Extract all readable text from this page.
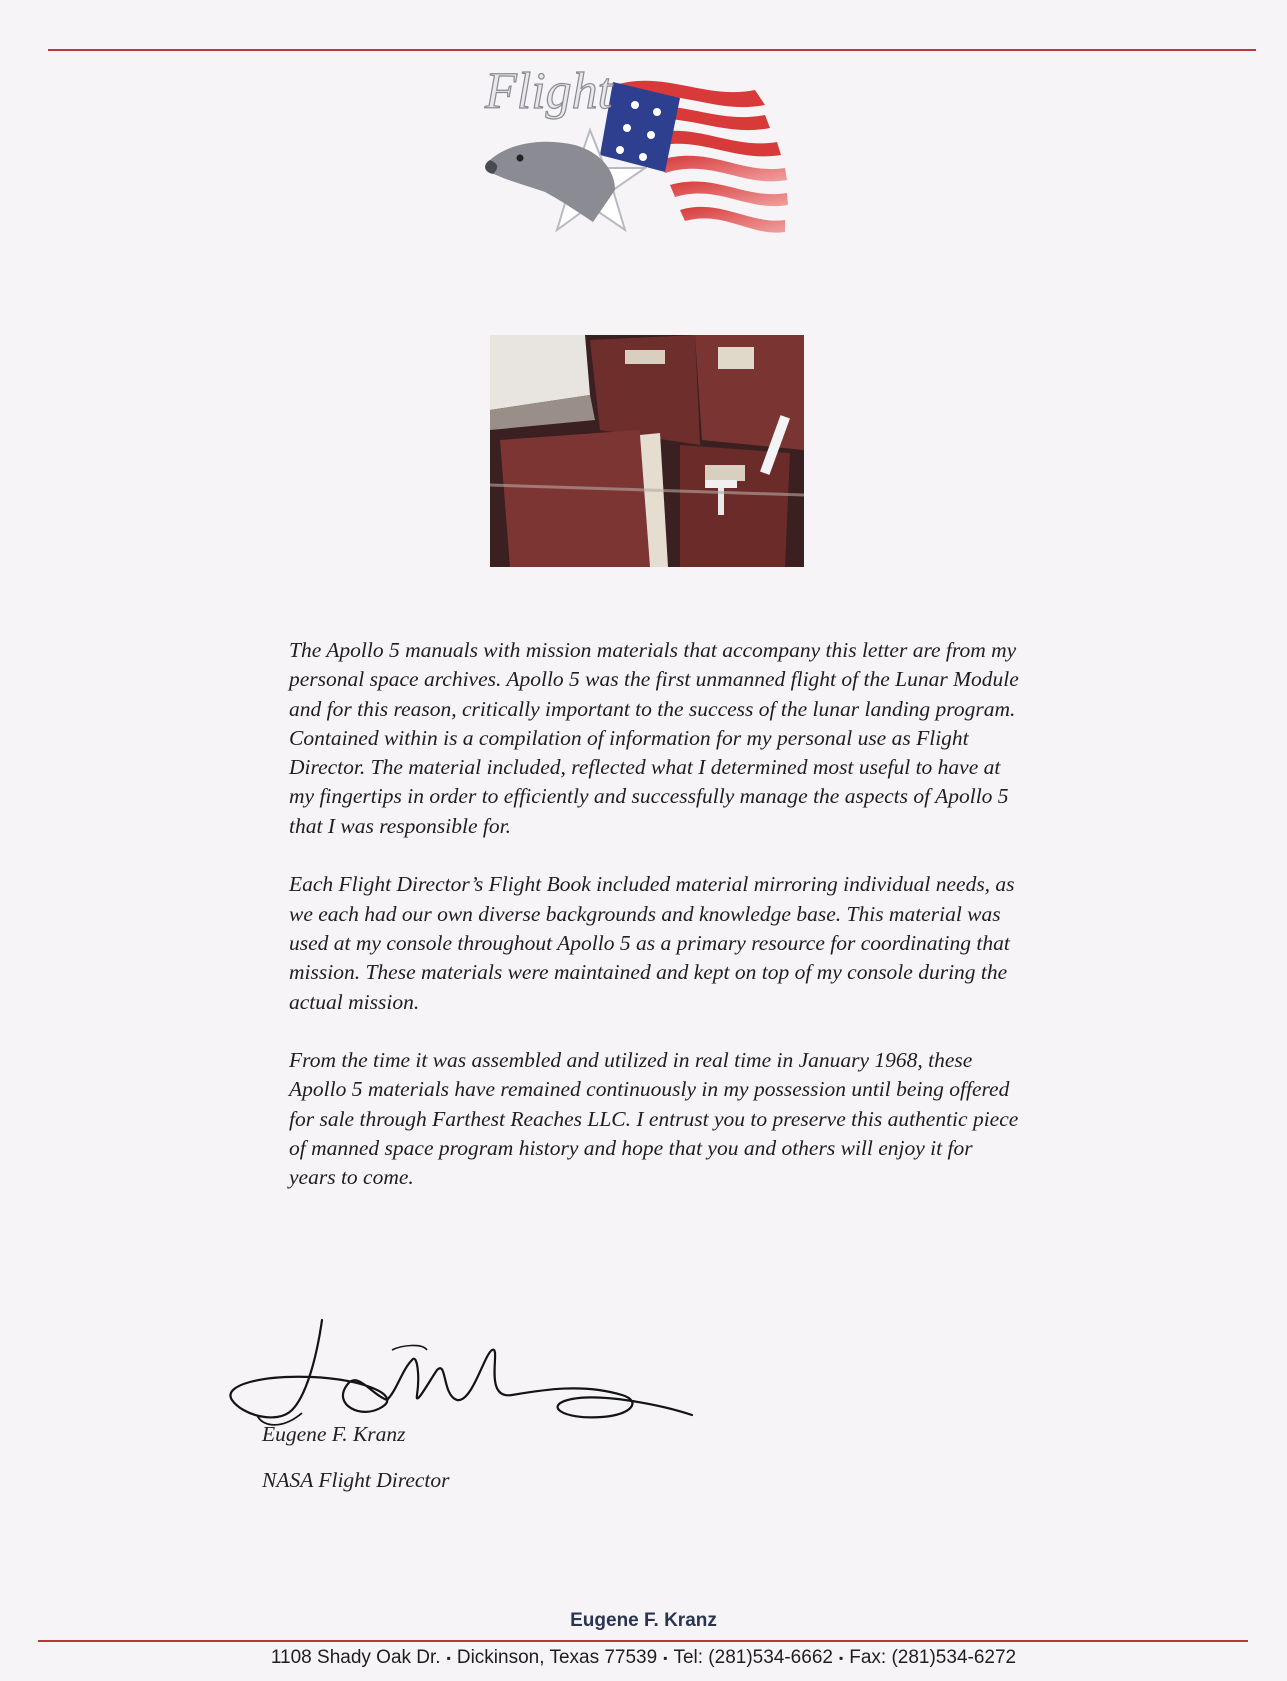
Flight

The Apollo 5 manuals with mission materials that accompany this letter are from my personal space archives. Apollo 5 was the first unmanned flight of the Lunar Module and for this reason, critically important to the success of the lunar landing program. Contained within is a compilation of information for my personal use as Flight Director. The material included, reflected what I determined most useful to have at my fingertips in order to efficiently and successfully manage the aspects of Apollo 5 that I was responsible for.

Each Flight Director’s Flight Book included material mirroring individual needs, as we each had our own diverse backgrounds and knowledge base. This material was used at my console throughout Apollo 5 as a primary resource for coordinating that mission. These materials were maintained and kept on top of my console during the actual mission.

From the time it was assembled and utilized in real time in January 1968, these Apollo 5 materials have remained continuously in my possession until being offered for sale through Farthest Reaches LLC. I entrust you to preserve this authentic piece of manned space program history and hope that you and others will enjoy it for years to come.

Eugene F. Kranz
NASA Flight Director
Eugene F. Kranz
1108 Shady Oak Dr. ▪ Dickinson, Texas 77539 ▪ Tel: (281)534-6662 ▪ Fax: (281)534-6272
